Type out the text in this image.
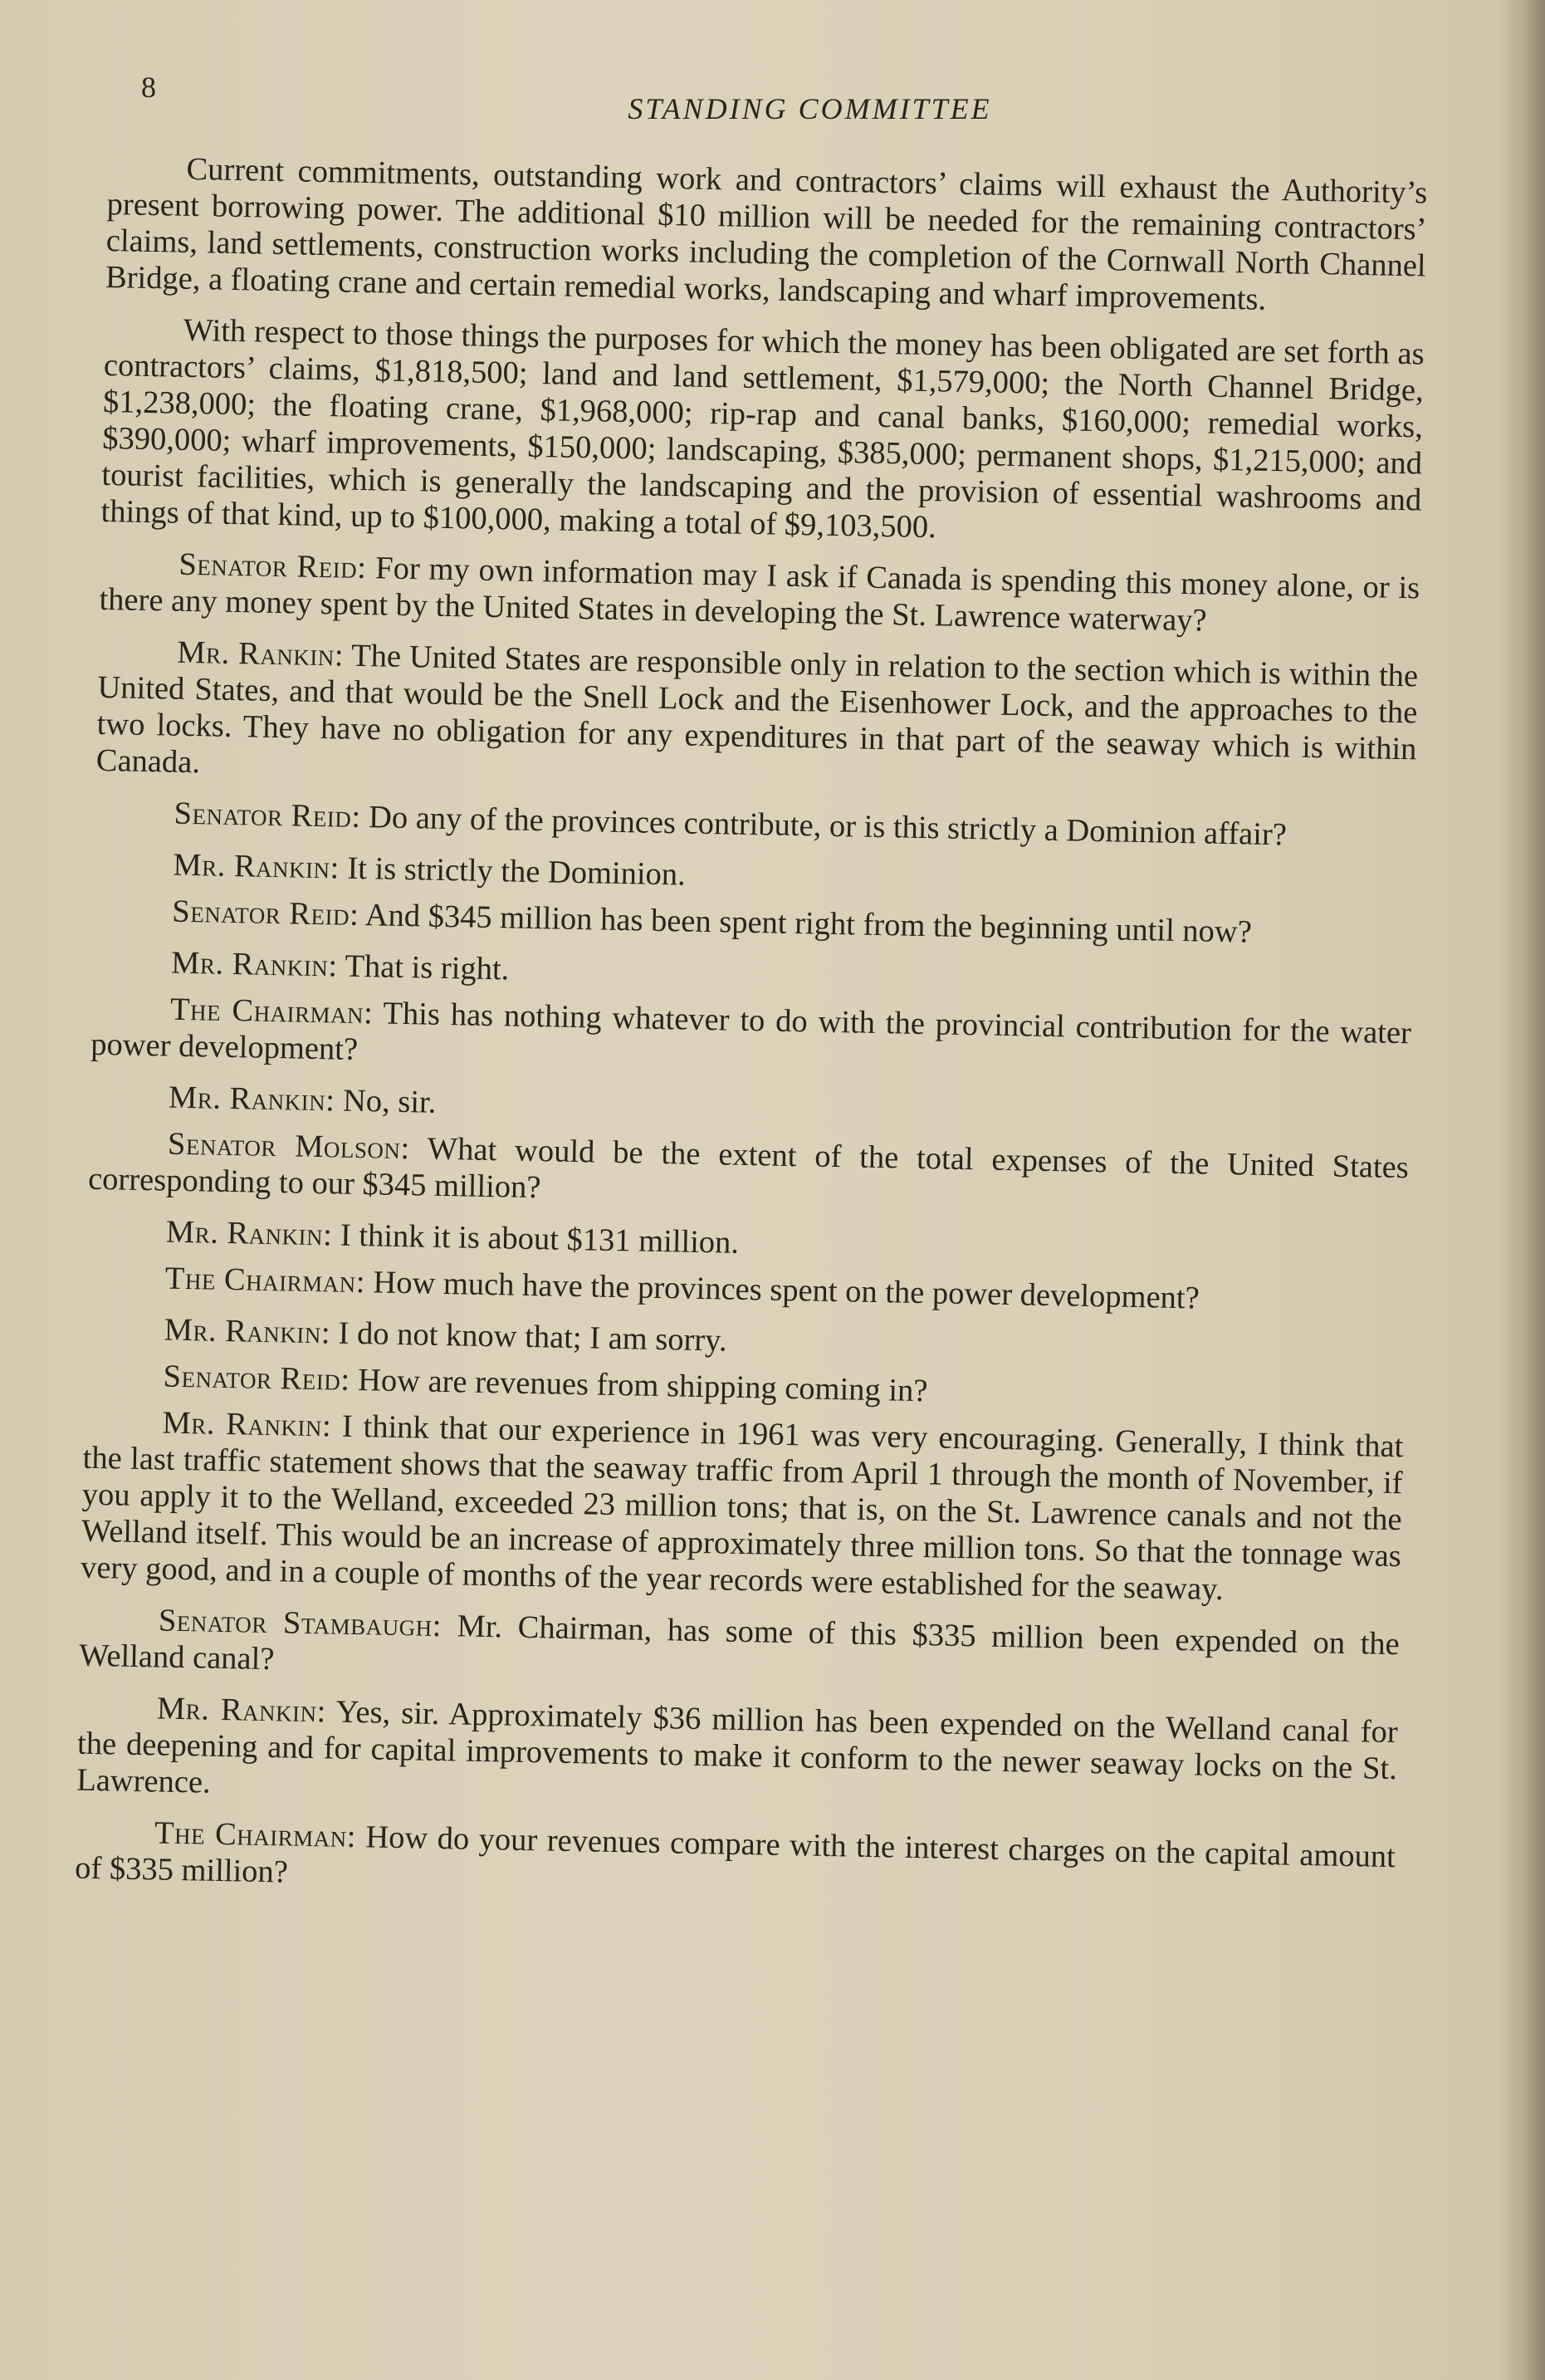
8
STANDING COMMITTEE

Current commitments, outstanding work and contractors’ claims will exhaust the Authority’s present borrowing power. The additional $10 million will be needed for the remaining contractors’ claims, land settlements, construction works including the completion of the Cornwall North Channel Bridge, a floating crane and certain remedial works, landscaping and wharf improvements.

With respect to those things the purposes for which the money has been obligated are set forth as contractors’ claims, $1,818,500; land and land settlement, $1,579,000; the North Channel Bridge, $1,238,000; the floating crane, $1,968,000; rip-rap and canal banks, $160,000; remedial works, $390,000; wharf improvements, $150,000; landscaping, $385,000; permanent shops, $1,215,000; and tourist facilities, which is generally the landscaping and the provision of essential washrooms and things of that kind, up to $100,000, making a total of $9,103,500.

Senator Reid: For my own information may I ask if Canada is spending this money alone, or is there any money spent by the United States in developing the St. Lawrence waterway?

Mr. Rankin: The United States are responsible only in relation to the section which is within the United States, and that would be the Snell Lock and the Eisenhower Lock, and the approaches to the two locks. They have no obligation for any expenditures in that part of the seaway which is within Canada.

Senator Reid: Do any of the provinces contribute, or is this strictly a Dominion affair?

Mr. Rankin: It is strictly the Dominion.

Senator Reid: And $345 million has been spent right from the beginning until now?

Mr. Rankin: That is right.

The Chairman: This has nothing whatever to do with the provincial contribution for the water power development?

Mr. Rankin: No, sir.

Senator Molson: What would be the extent of the total expenses of the United States corresponding to our $345 million?

Mr. Rankin: I think it is about $131 million.

The Chairman: How much have the provinces spent on the power development?

Mr. Rankin: I do not know that; I am sorry.

Senator Reid: How are revenues from shipping coming in?

Mr. Rankin: I think that our experience in 1961 was very encouraging. Generally, I think that the last traffic statement shows that the seaway traffic from April 1 through the month of November, if you apply it to the Welland, exceeded 23 million tons; that is, on the St. Lawrence canals and not the Welland itself. This would be an increase of approximately three million tons. So that the tonnage was very good, and in a couple of months of the year records were established for the seaway.

Senator Stambaugh: Mr. Chairman, has some of this $335 million been expended on the Welland canal?

Mr. Rankin: Yes, sir. Approximately $36 million has been expended on the Welland canal for the deepening and for capital improvements to make it conform to the newer seaway locks on the St. Lawrence.

The Chairman: How do your revenues compare with the interest charges on the capital amount of $335 million?
